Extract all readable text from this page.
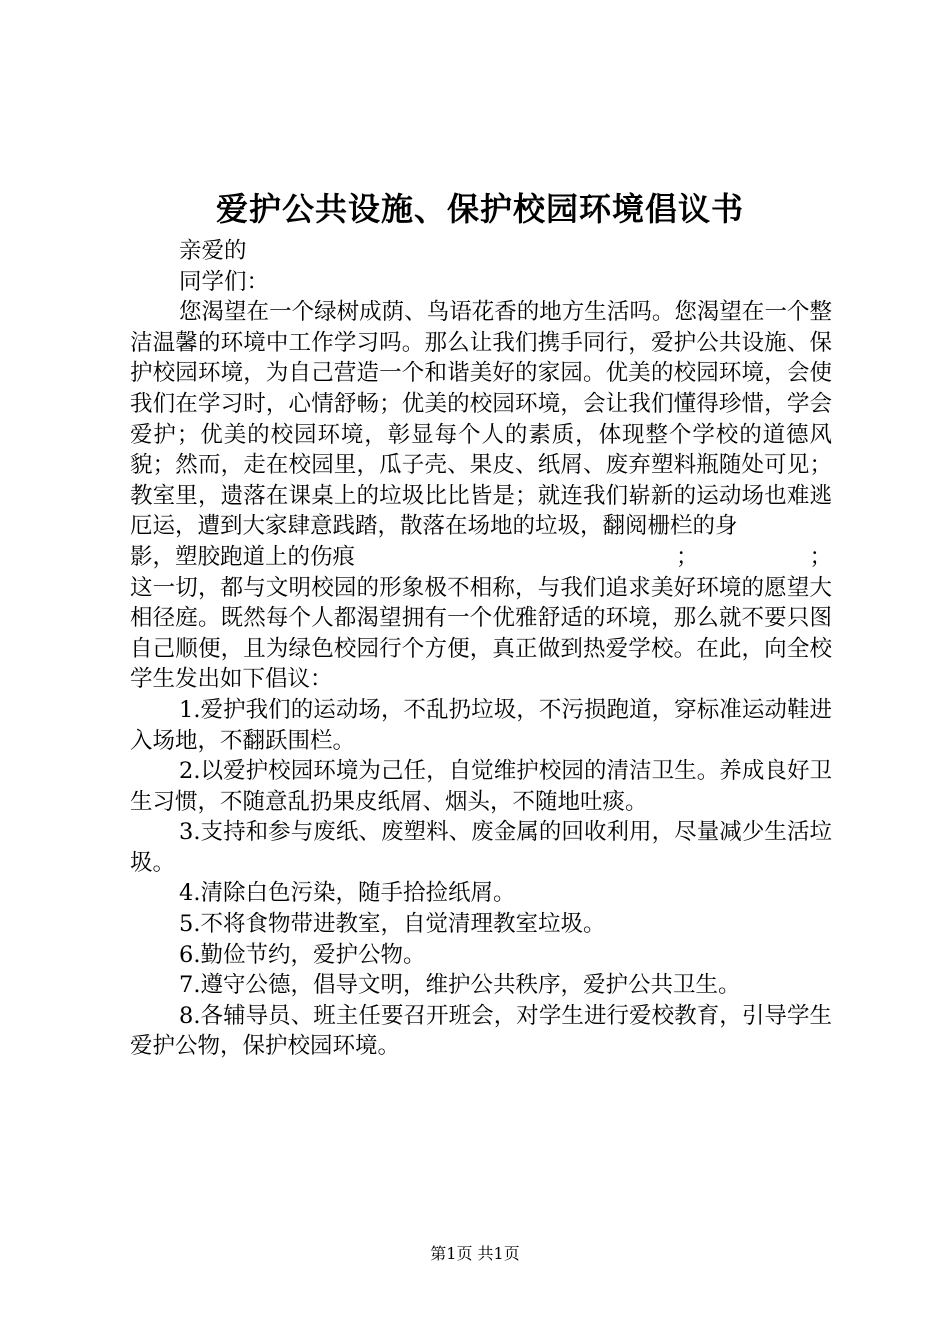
爱护公共设施、保护校园环境倡议书

亲爱的

同学们：

您渴望在一个绿树成荫、鸟语花香的地方生活吗。您渴望在一个整洁温馨的环境中工作学习吗。那么让我们携手同行，爱护公共设施、保护校园环境，为自己营造一个和谐美好的家园。优美的校园环境，会使我们在学习时，心情舒畅；优美的校园环境，会让我们懂得珍惜，学会爱护；优美的校园环境，彰显每个人的素质，体现整个学校的道德风貌；然而，走在校园里，瓜子壳、果皮、纸屑、废弃塑料瓶随处可见；教室里，遗落在课桌上的垃圾比比皆是；就连我们崭新的运动场也难逃厄运，遭到大家肆意践踏，散落在场地的垃圾，翻阅栅栏的身

影，塑胶跑道上的伤痕	；	；

这一切，都与文明校园的形象极不相称，与我们追求美好环境的愿望大相径庭。既然每个人都渴望拥有一个优雅舒适的环境，那么就不要只图自己顺便，且为绿色校园行个方便，真正做到热爱学校。在此，向全校学生发出如下倡议：

1.爱护我们的运动场，不乱扔垃圾，不污损跑道，穿标准运动鞋进入场地，不翻跃围栏。

2.以爱护校园环境为己任，自觉维护校园的清洁卫生。养成良好卫生习惯，不随意乱扔果皮纸屑、烟头，不随地吐痰。

3.支持和参与废纸、废塑料、废金属的回收利用，尽量减少生活垃圾。

4.清除白色污染，随手拾捡纸屑。

5.不将食物带进教室，自觉清理教室垃圾。

6.勤俭节约，爱护公物。

7.遵守公德，倡导文明，维护公共秩序，爱护公共卫生。

8.各辅导员、班主任要召开班会，对学生进行爱校教育，引导学生爱护公物，保护校园环境。

第1页 共1页
